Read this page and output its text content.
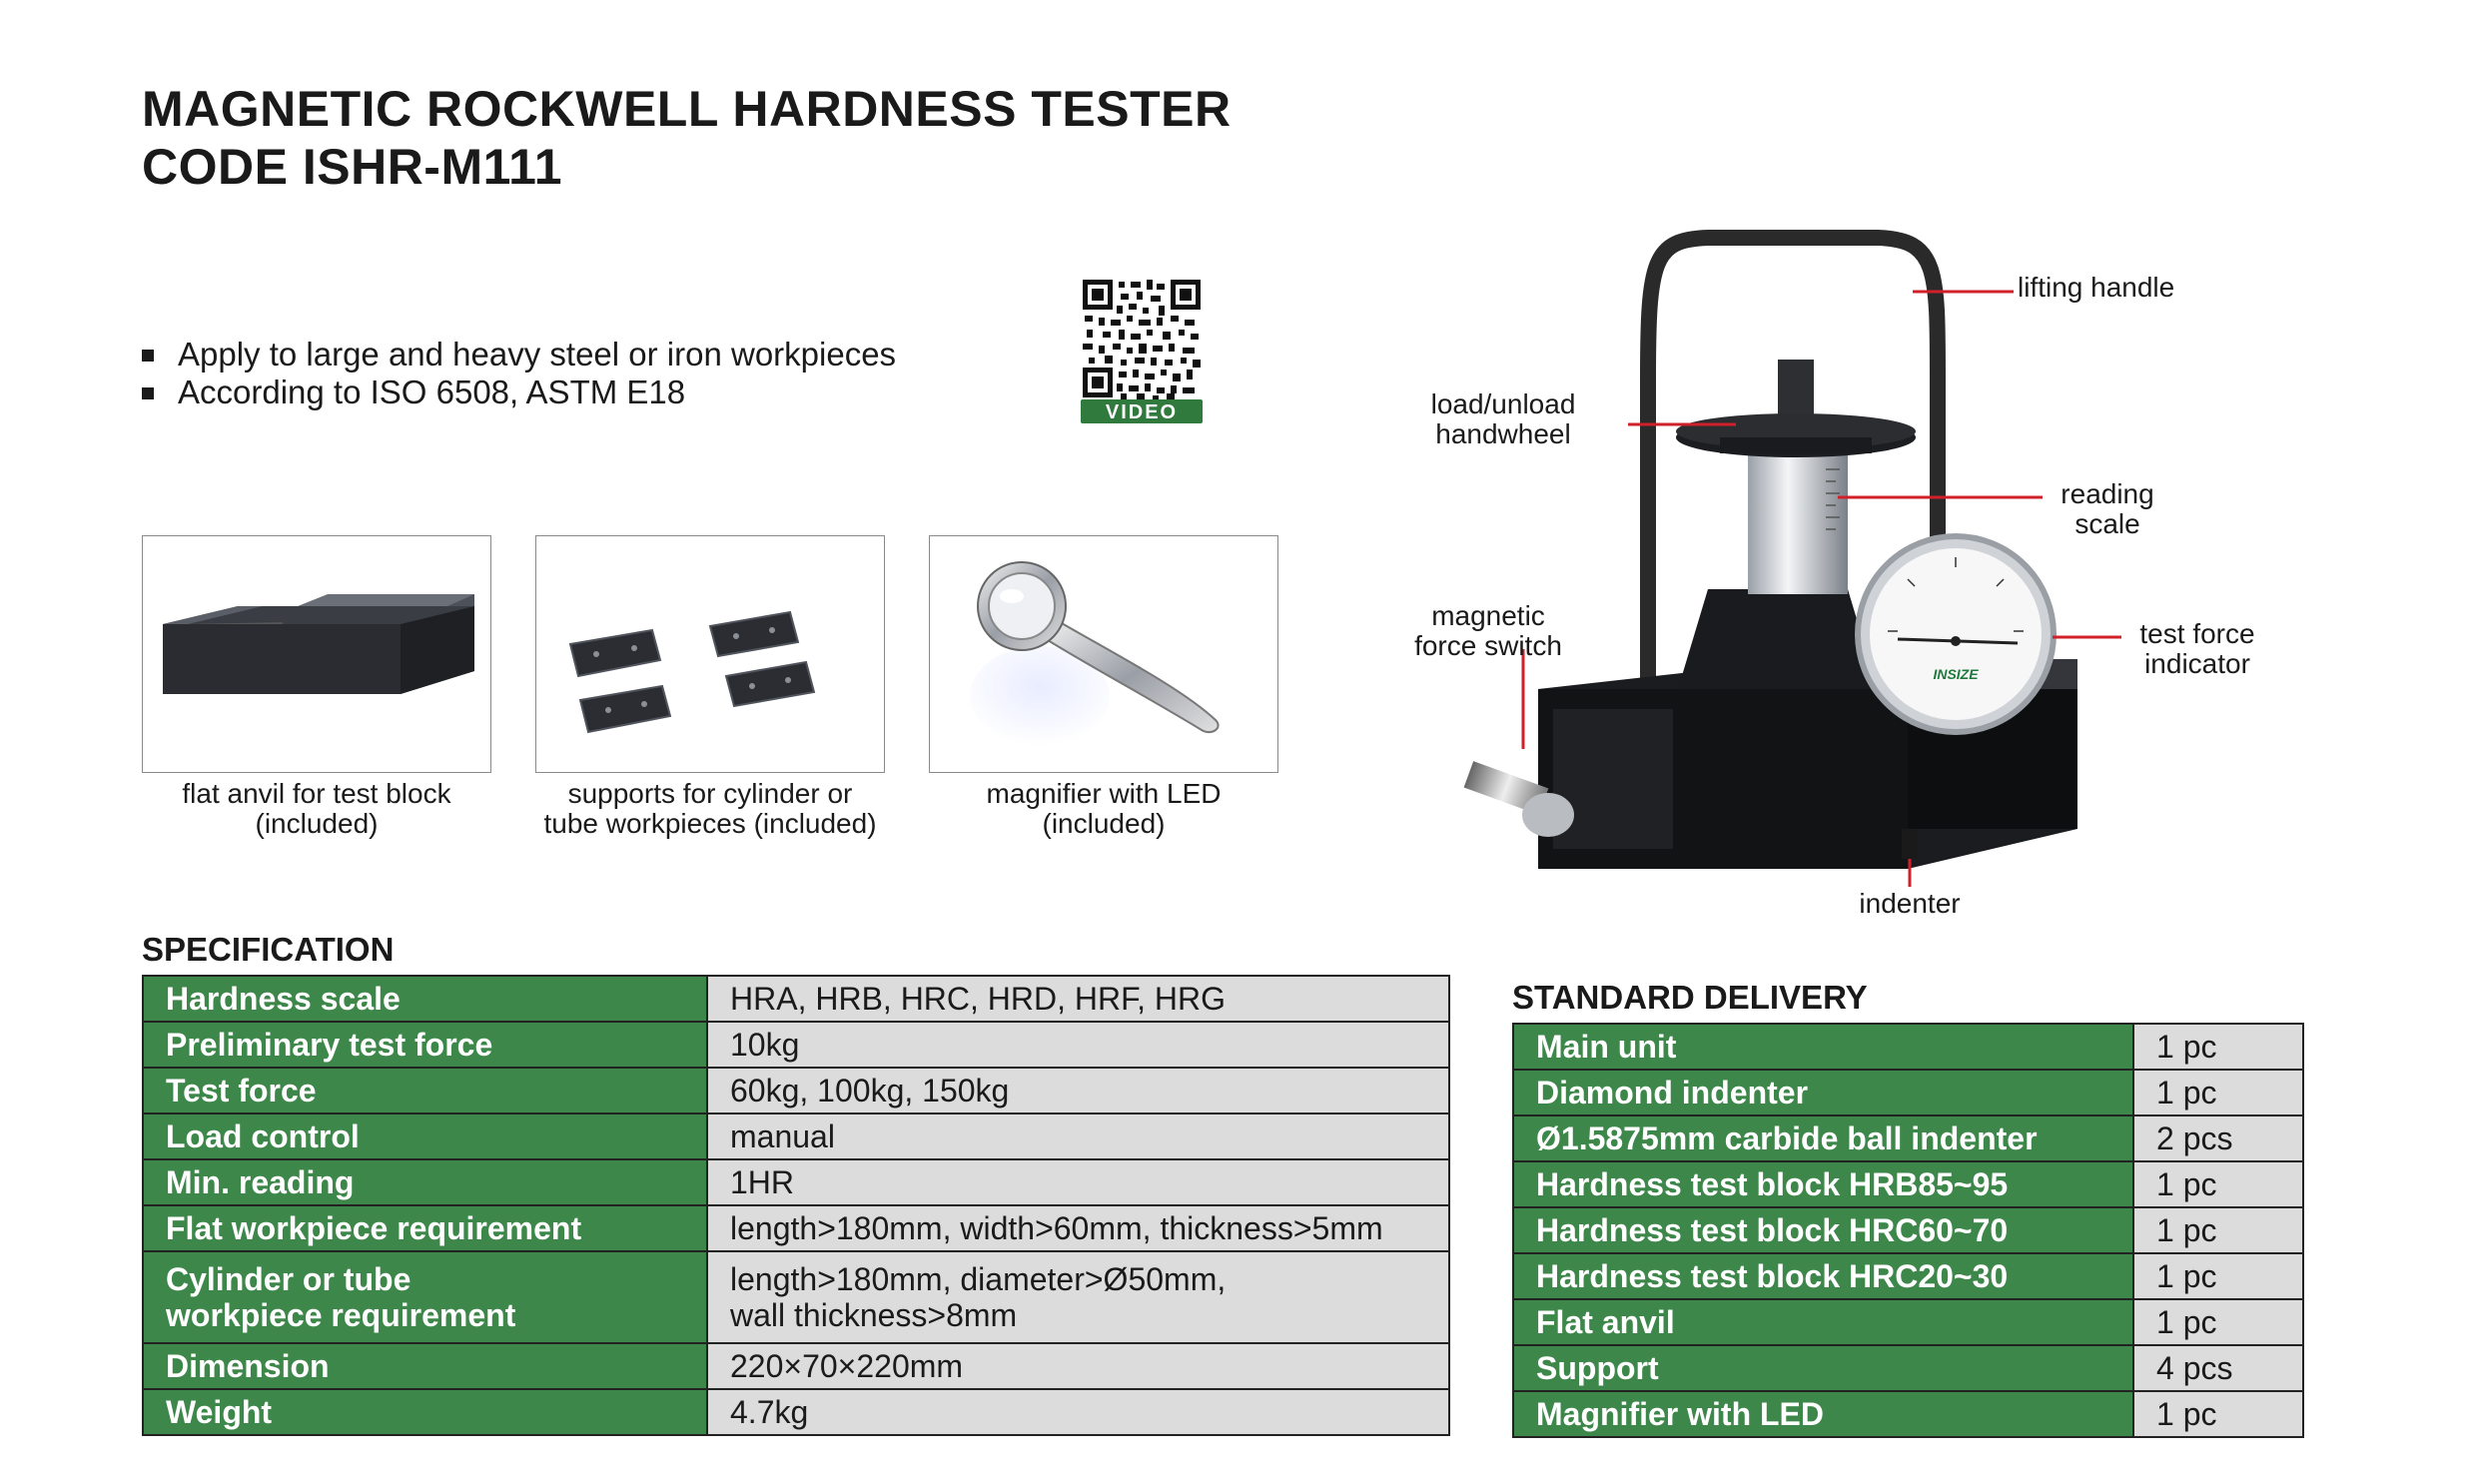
MAGNETIC ROCKWELL HARDNESS TESTER
CODE ISHR-M111
Apply to large and heavy steel or iron workpieces
According to ISO 6508, ASTM E18
VIDEO
flat anvil for test block
(included)
supports for cylinder or
tube workpieces (included)
magnifier with LED
(included)
INSIZE
lifting handle
load/unload
handwheel
reading
scale
magnetic
force switch	test force
indicator
indenter
SPECIFICATION
Hardness scale	HRA, HRB, HRC, HRD, HRF, HRG
Preliminary test force	10kg
Test force	60kg, 100kg, 150kg
Load control	manual
Min. reading	1HR
Flat workpiece requirement	length>180mm, width>60mm, thickness>5mm
Cylinder or tube
workpiece requirement	length>180mm, diameter>Ø50mm,
wall thickness>8mm
Dimension	220×70×220mm
Weight	4.7kg
STANDARD DELIVERY
Main unit	1 pc
Diamond indenter	1 pc
Ø1.5875mm carbide ball indenter	2 pcs
Hardness test block HRB85~95	1 pc
Hardness test block HRC60~70	1 pc
Hardness test block HRC20~30	1 pc
Flat anvil	1 pc
Support	4 pcs
Magnifier with LED	1 pc
